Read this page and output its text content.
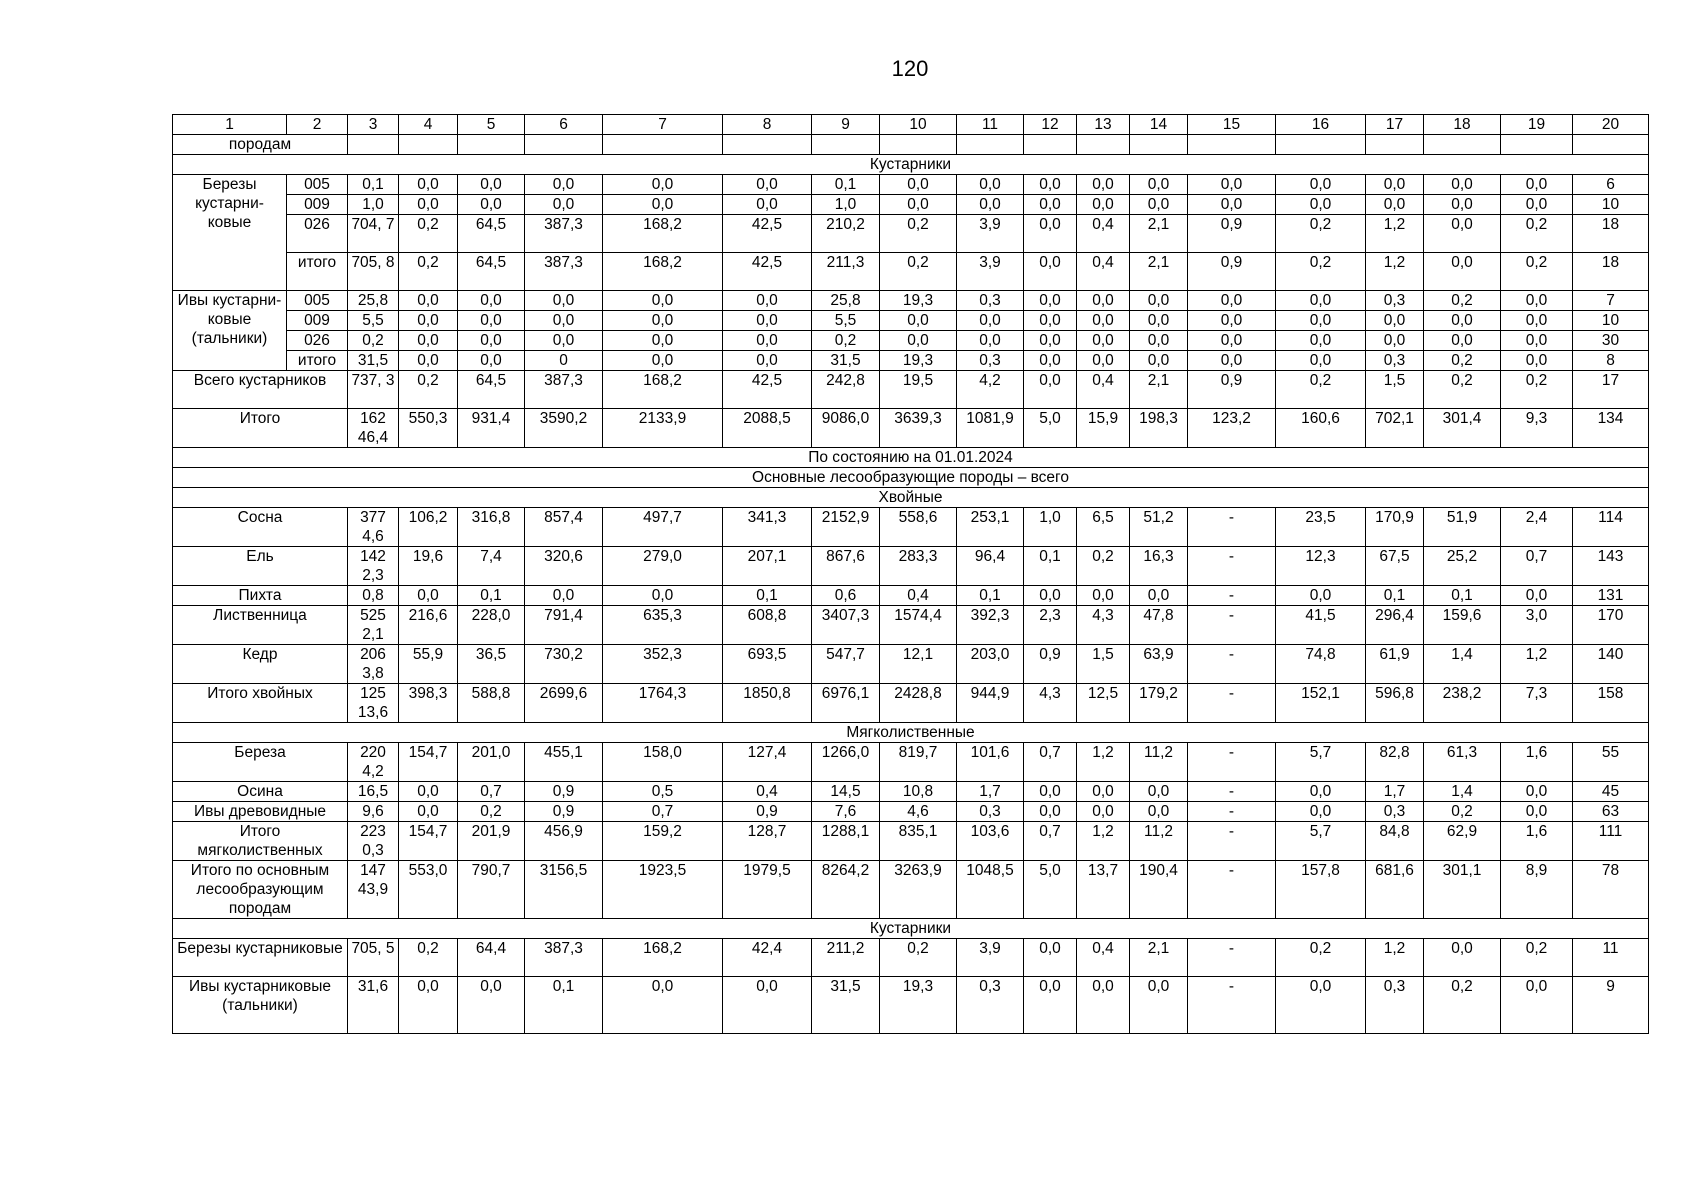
120
1	2	3	4	5	6	7	8	9	10	11	12	13	14	15	16	17	18	19	20
породам																			
Кустарники																			
Березы кустарни- ковые	005	0,1	0,0	0,0	0,0	0,0	0,0	0,1	0,0	0,0	0,0	0,0	0,0	0,0	0,0	0,0	0,0	0,0	6
	009	1,0	0,0	0,0	0,0	0,0	0,0	1,0	0,0	0,0	0,0	0,0	0,0	0,0	0,0	0,0	0,0	0,0	10
	026	704, 7	0,2	64,5	387,3	168,2	42,5	210,2	0,2	3,9	0,0	0,4	2,1	0,9	0,2	1,2	0,0	0,2	18
	итого	705, 8	0,2	64,5	387,3	168,2	42,5	211,3	0,2	3,9	0,0	0,4	2,1	0,9	0,2	1,2	0,0	0,2	18
Ивы кустарни- ковые (тальники)	005	25,8	0,0	0,0	0,0	0,0	0,0	25,8	19,3	0,3	0,0	0,0	0,0	0,0	0,0	0,3	0,2	0,0	7
	009	5,5	0,0	0,0	0,0	0,0	0,0	5,5	0,0	0,0	0,0	0,0	0,0	0,0	0,0	0,0	0,0	0,0	10
	026	0,2	0,0	0,0	0,0	0,0	0,0	0,2	0,0	0,0	0,0	0,0	0,0	0,0	0,0	0,0	0,0	0,0	30
	итого	31,5	0,0	0,0	0	0,0	0,0	31,5	19,3	0,3	0,0	0,0	0,0	0,0	0,0	0,3	0,2	0,0	8
Всего кустарников		737, 3	0,2	64,5	387,3	168,2	42,5	242,8	19,5	4,2	0,0	0,4	2,1	0,9	0,2	1,5	0,2	0,2	17
Итого		162 46,4	550,3	931,4	3590,2	2133,9	2088,5	9086,0	3639,3	1081,9	5,0	15,9	198,3	123,2	160,6	702,1	301,4	9,3	134
По состоянию на 01.01.2024																			
Основные лесообразующие породы – всего																			
Хвойные																			
Сосна		377 4,6	106,2	316,8	857,4	497,7	341,3	2152,9	558,6	253,1	1,0	6,5	51,2	-	23,5	170,9	51,9	2,4	114
Ель		142 2,3	19,6	7,4	320,6	279,0	207,1	867,6	283,3	96,4	0,1	0,2	16,3	-	12,3	67,5	25,2	0,7	143
Пихта		0,8	0,0	0,1	0,0	0,0	0,1	0,6	0,4	0,1	0,0	0,0	0,0	-	0,0	0,1	0,1	0,0	131
Лиственница		525 2,1	216,6	228,0	791,4	635,3	608,8	3407,3	1574,4	392,3	2,3	4,3	47,8	-	41,5	296,4	159,6	3,0	170
Кедр		206 3,8	55,9	36,5	730,2	352,3	693,5	547,7	12,1	203,0	0,9	1,5	63,9	-	74,8	61,9	1,4	1,2	140
Итого хвойных		125 13,6	398,3	588,8	2699,6	1764,3	1850,8	6976,1	2428,8	944,9	4,3	12,5	179,2	-	152,1	596,8	238,2	7,3	158
Мягколиственные																			
Береза		220 4,2	154,7	201,0	455,1	158,0	127,4	1266,0	819,7	101,6	0,7	1,2	11,2	-	5,7	82,8	61,3	1,6	55
Осина		16,5	0,0	0,7	0,9	0,5	0,4	14,5	10,8	1,7	0,0	0,0	0,0	-	0,0	1,7	1,4	0,0	45
Ивы древовидные		9,6	0,0	0,2	0,9	0,7	0,9	7,6	4,6	0,3	0,0	0,0	0,0	-	0,0	0,3	0,2	0,0	63
Итого мягколиственных		223 0,3	154,7	201,9	456,9	159,2	128,7	1288,1	835,1	103,6	0,7	1,2	11,2	-	5,7	84,8	62,9	1,6	111
Итого по основным лесообразующим породам		147 43,9	553,0	790,7	3156,5	1923,5	1979,5	8264,2	3263,9	1048,5	5,0	13,7	190,4	-	157,8	681,6	301,1	8,9	78
Кустарники																			
Березы кустарниковые		705, 5	0,2	64,4	387,3	168,2	42,4	211,2	0,2	3,9	0,0	0,4	2,1	-	0,2	1,2	0,0	0,2	11
Ивы кустарниковые (тальники)		31,6	0,0	0,0	0,1	0,0	0,0	31,5	19,3	0,3	0,0	0,0	0,0	-	0,0	0,3	0,2	0,0	9
